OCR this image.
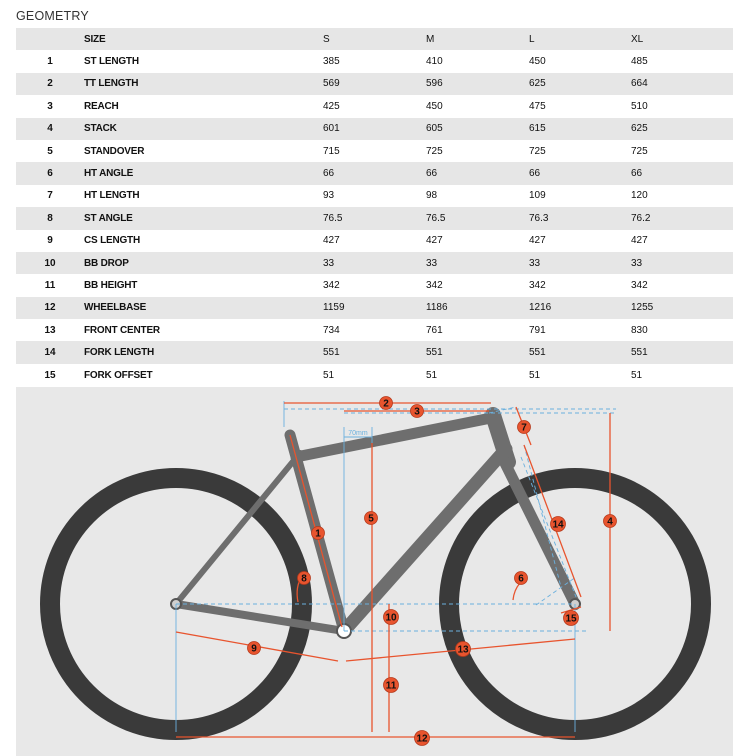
GEOMETRY
	SIZE	S	M	L	XL
1	ST LENGTH	385	410	450	485
2	TT LENGTH	569	596	625	664
3	REACH	425	450	475	510
4	STACK	601	605	615	625
5	STANDOVER	715	725	725	725
6	HT ANGLE	66	66	66	66
7	HT LENGTH	93	98	109	120
8	ST ANGLE	76.5	76.5	76.3	76.2
9	CS LENGTH	427	427	427	427
10	BB DROP	33	33	33	33
11	BB HEIGHT	342	342	342	342
12	WHEELBASE	1159	1186	1216	1255
13	FRONT CENTER	734	761	791	830
14	FORK LENGTH	551	551	551	551
15	FORK OFFSET	51	51	51	51
70mm
1
2
3
4
5
6
7
8
9
10
11
12
13
14
15
